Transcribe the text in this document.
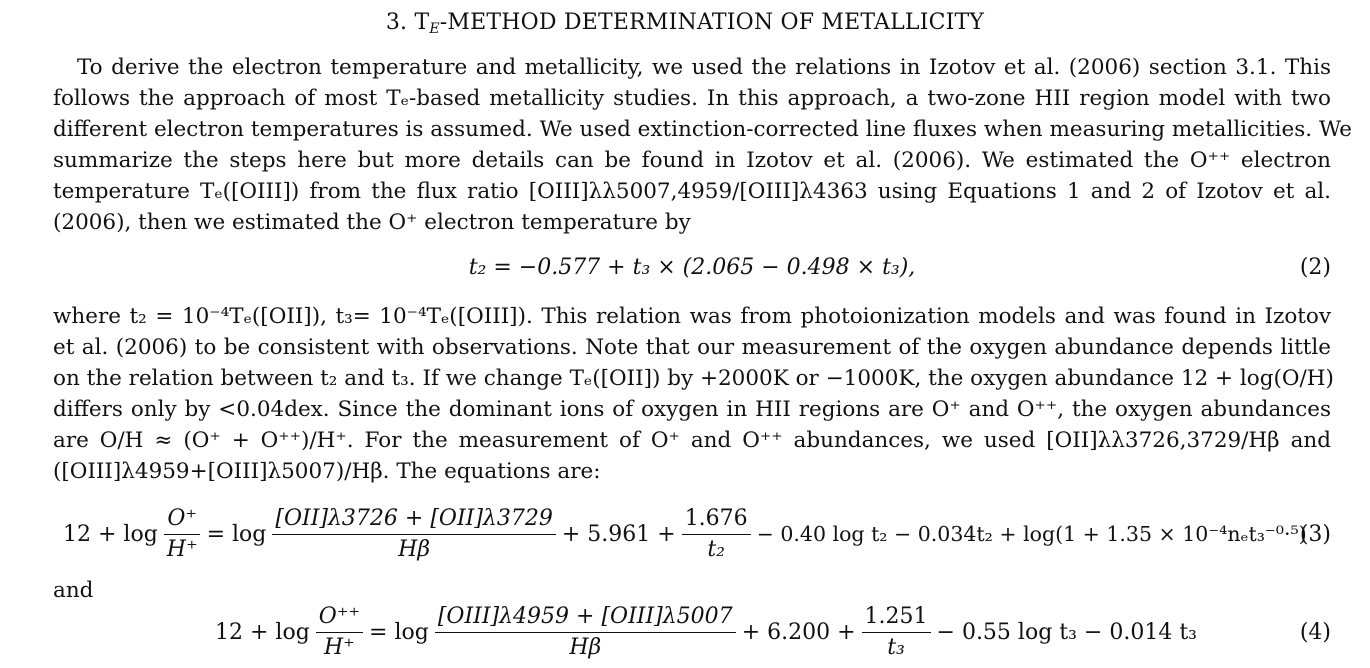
3. $T_E$-METHOD DETERMINATION OF METALLICITY
To derive the electron temperature and metallicity, we used the relations in Izotov et al. (2006) section 3.1. This
follows the approach of most Tₑ-based metallicity studies. In this approach, a two-zone HII region model with two
different electron temperatures is assumed. We used extinction-corrected line fluxes when measuring metallicities. We
summarize the steps here but more details can be found in Izotov et al. (2006). We estimated the O⁺⁺ electron
temperature Tₑ([OIII]) from the flux ratio [OIII]λλ5007,4959/[OIII]λ4363 using Equations 1 and 2 of Izotov et al.
(2006), then we estimated the O⁺ electron temperature by
t₂ = −0.577 + t₃ × (2.065 − 0.498 × t₃),	(2)
where t₂ = 10⁻⁴Tₑ([OII]), t₃= 10⁻⁴Tₑ([OIII]). This relation was from photoionization models and was found in Izotov
et al. (2006) to be consistent with observations. Note that our measurement of the oxygen abundance depends little
on the relation between t₂ and t₃. If we change Tₑ([OII]) by +2000K or −1000K, the oxygen abundance 12 + log(O/H)
differs only by <0.04dex. Since the dominant ions of oxygen in HII regions are O⁺ and O⁺⁺, the oxygen abundances
are O/H ≈ (O⁺ + O⁺⁺)/H⁺. For the measurement of O⁺ and O⁺⁺ abundances, we used [OII]λλ3726,3729/Hβ and
([OIII]λ4959+[OIII]λ5007)/Hβ. The equations are:
$12 + \log \frac{O^+}{H^+} = \log \frac{\text{[OII]λ3726 + [OII]λ3729}}{H\beta} + 5.961 + \frac{1.676}{\text{t₂}} - 0.40$ log t₂ − 0.034t₂ + log(1 + 1.35 × 10⁻⁴nₑt₃⁻⁰·⁵)
(3)
and
$12 + \log \frac{O^{++}}{H^+} = \log \frac{\text{[OIII]λ4959 + [OIII]λ5007}}{H\beta} + 6.200 + \frac{1.251}{\text{t₃}} - 0.55$ log t₃ − 0.014 t₃	(4)
